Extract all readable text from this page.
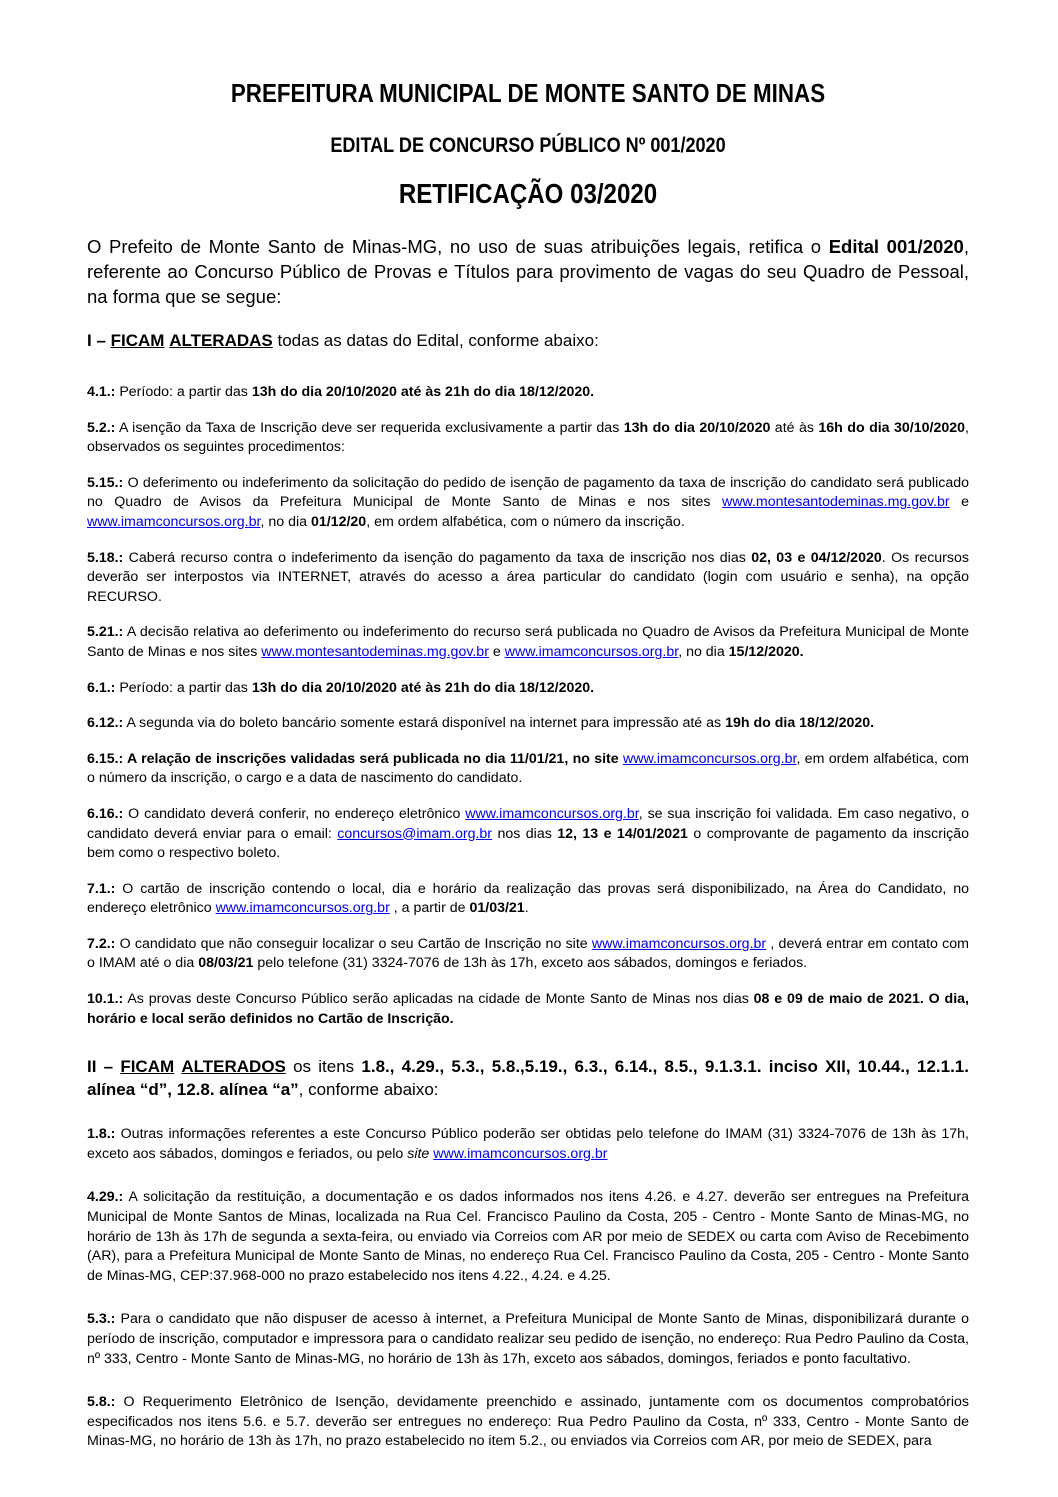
PREFEITURA MUNICIPAL DE MONTE SANTO DE MINAS
EDITAL DE CONCURSO PÚBLICO Nº 001/2020
RETIFICAÇÃO 03/2020

O Prefeito de Monte Santo de Minas-MG, no uso de suas atribuições legais, retifica o Edital 001/2020, referente ao Concurso Público de Provas e Títulos para provimento de vagas do seu Quadro de Pessoal, na forma que se segue:

I – FICAM ALTERADAS todas as datas do Edital, conforme abaixo:

4.1.: Período: a partir das 13h do dia 20/10/2020 até às 21h do dia 18/12/2020.

5.2.: A isenção da Taxa de Inscrição deve ser requerida exclusivamente a partir das 13h do dia 20/10/2020 até às 16h do dia 30/10/2020, observados os seguintes procedimentos:

5.15.: O deferimento ou indeferimento da solicitação do pedido de isenção de pagamento da taxa de inscrição do candidato será publicado no Quadro de Avisos da Prefeitura Municipal de Monte Santo de Minas e nos sites www.montesantodeminas.mg.gov.br e www.imamconcursos.org.br, no dia 01/12/20, em ordem alfabética, com o número da inscrição.

5.18.: Caberá recurso contra o indeferimento da isenção do pagamento da taxa de inscrição nos dias 02, 03 e 04/12/2020. Os recursos deverão ser interpostos via INTERNET, através do acesso a área particular do candidato (login com usuário e senha), na opção RECURSO.

5.21.: A decisão relativa ao deferimento ou indeferimento do recurso será publicada no Quadro de Avisos da Prefeitura Municipal de Monte Santo de Minas e nos sites www.montesantodeminas.mg.gov.br e www.imamconcursos.org.br, no dia 15/12/2020.

6.1.: Período: a partir das 13h do dia 20/10/2020 até às 21h do dia 18/12/2020.

6.12.: A segunda via do boleto bancário somente estará disponível na internet para impressão até as 19h do dia 18/12/2020.

6.15.: A relação de inscrições validadas será publicada no dia 11/01/21, no site www.imamconcursos.org.br, em ordem alfabética, com o número da inscrição, o cargo e a data de nascimento do candidato.

6.16.: O candidato deverá conferir, no endereço eletrônico www.imamconcursos.org.br, se sua inscrição foi validada. Em caso negativo, o candidato deverá enviar para o email: concursos@imam.org.br nos dias 12, 13 e 14/01/2021 o comprovante de pagamento da inscrição bem como o respectivo boleto.

7.1.: O cartão de inscrição contendo o local, dia e horário da realização das provas será disponibilizado, na Área do Candidato, no endereço eletrônico www.imamconcursos.org.br , a partir de 01/03/21.

7.2.: O candidato que não conseguir localizar o seu Cartão de Inscrição no site www.imamconcursos.org.br , deverá entrar em contato com o IMAM até o dia 08/03/21 pelo telefone (31) 3324-7076 de 13h às 17h, exceto aos sábados, domingos e feriados.

10.1.: As provas deste Concurso Público serão aplicadas na cidade de Monte Santo de Minas nos dias 08 e 09 de maio de 2021. O dia, horário e local serão definidos no Cartão de Inscrição.

II – FICAM ALTERADOS os itens 1.8., 4.29., 5.3., 5.8.,5.19., 6.3., 6.14., 8.5., 9.1.3.1. inciso XII, 10.44., 12.1.1. alínea “d”, 12.8. alínea “a”, conforme abaixo:

1.8.: Outras informações referentes a este Concurso Público poderão ser obtidas pelo telefone do IMAM (31) 3324-7076 de 13h às 17h, exceto aos sábados, domingos e feriados, ou pelo site www.imamconcursos.org.br

4.29.: A solicitação da restituição, a documentação e os dados informados nos itens 4.26. e 4.27. deverão ser entregues na Prefeitura Municipal de Monte Santos de Minas, localizada na Rua Cel. Francisco Paulino da Costa, 205 - Centro - Monte Santo de Minas-MG, no horário de 13h às 17h de segunda a sexta-feira, ou enviado via Correios com AR por meio de SEDEX ou carta com Aviso de Recebimento (AR), para a Prefeitura Municipal de Monte Santo de Minas, no endereço Rua Cel. Francisco Paulino da Costa, 205 - Centro - Monte Santo de Minas-MG, CEP:37.968-000 no prazo estabelecido nos itens 4.22., 4.24. e 4.25.

5.3.: Para o candidato que não dispuser de acesso à internet, a Prefeitura Municipal de Monte Santo de Minas, disponibilizará durante o período de inscrição, computador e impressora para o candidato realizar seu pedido de isenção, no endereço: Rua Pedro Paulino da Costa, nº 333, Centro - Monte Santo de Minas-MG, no horário de 13h às 17h, exceto aos sábados, domingos, feriados e ponto facultativo.

5.8.: O Requerimento Eletrônico de Isenção, devidamente preenchido e assinado, juntamente com os documentos comprobatórios especificados nos itens 5.6. e 5.7. deverão ser entregues no endereço: Rua Pedro Paulino da Costa, nº 333, Centro - Monte Santo de Minas-MG, no horário de 13h às 17h, no prazo estabelecido no item 5.2., ou enviados via Correios com AR, por meio de SEDEX, para
